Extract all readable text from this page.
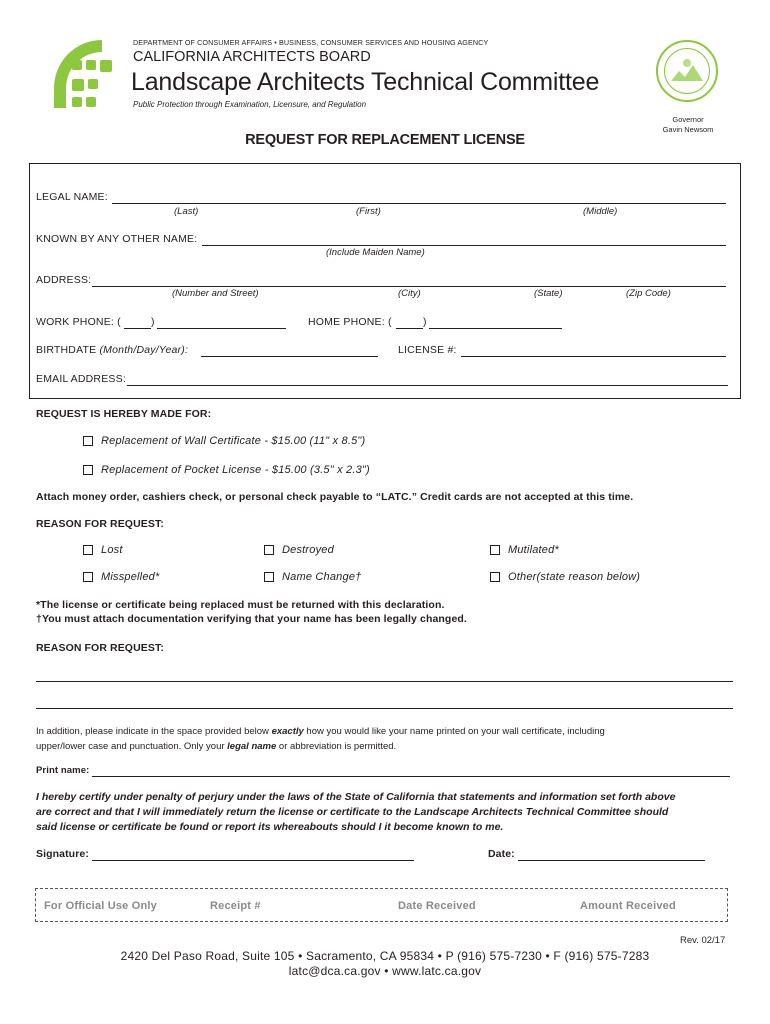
DEPARTMENT OF CONSUMER AFFAIRS • BUSINESS, CONSUMER SERVICES AND HOUSING AGENCY
CALIFORNIA ARCHITECTS BOARD
Landscape Architects Technical Committee
Public Protection through Examination, Licensure, and Regulation
Governor
Gavin Newsom
REQUEST FOR REPLACEMENT LICENSE
LEGAL NAME:
(Last)	(First)	(Middle)
KNOWN BY ANY OTHER NAME:
(Include Maiden Name)
ADDRESS:
(Number and Street)	(City)	(State)	(Zip Code)
WORK PHONE: (	)	HOME PHONE: (	)
BIRTHDATE (Month/Day/Year):	LICENSE #:
EMAIL ADDRESS:
REQUEST IS HEREBY MADE FOR:
Replacement of Wall Certificate - $15.00 (11" x 8.5")
Replacement of Pocket License - $15.00 (3.5" x 2.3")
Attach money order, cashiers check, or personal check payable to “LATC.” Credit cards are not accepted at this time.
REASON FOR REQUEST:
Lost	Destroyed	Mutilated*
Misspelled*	Name Change†	Other(state reason below)
*The license or certificate being replaced must be returned with this declaration.
†You must attach documentation verifying that your name has been legally changed.
REASON FOR REQUEST:
In addition, please indicate in the space provided below exactly how you would like your name printed on your wall certificate, including
upper/lower case and punctuation. Only your legal name or abbreviation is permitted.
Print name:
I hereby certify under penalty of perjury under the laws of the State of California that statements and information set forth above
are correct and that I will immediately return the license or certificate to the Landscape Architects Technical Committee should
said license or certificate be found or report its whereabouts should I it become known to me.
Signature:	Date:
For Official Use Only	Receipt #	Date Received	Amount Received
Rev. 02/17
2420 Del Paso Road, Suite 105 • Sacramento, CA 95834 • P (916) 575-7230 • F (916) 575-7283
latc@dca.ca.gov • www.latc.ca.gov
